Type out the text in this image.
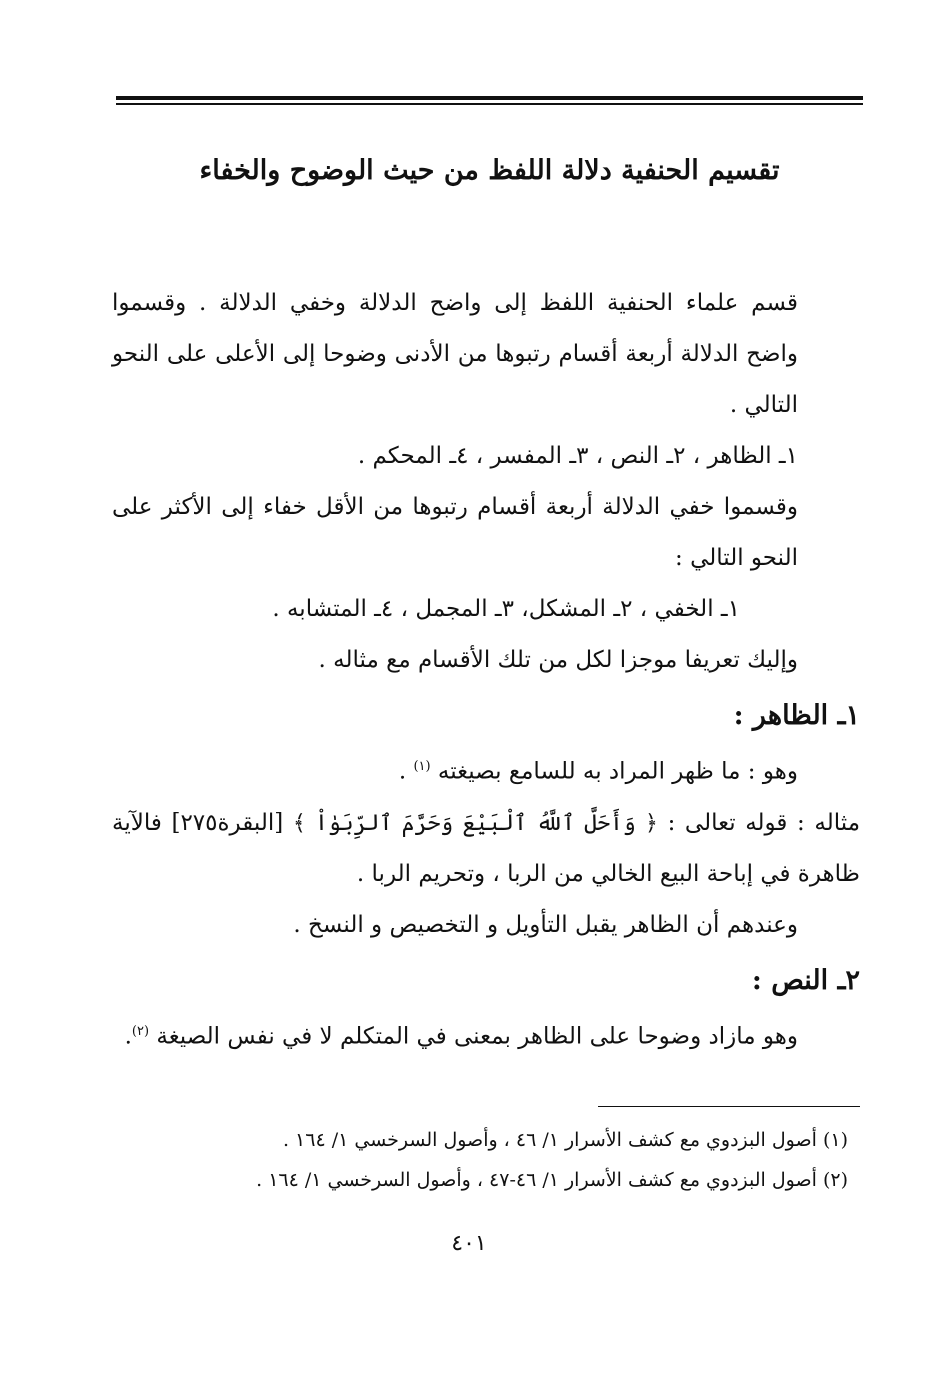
تقسيم الحنفية دلالة اللفظ من حيث الوضوح والخفاء

قسم علماء الحنفية اللفظ إلى واضح الدلالة وخفي الدلالة . وقسموا واضح الدلالة أربعة أقسام رتبوها من الأدنى وضوحا إلى الأعلى على النحو التالي .

١ـ الظاهر ، ٢ـ النص ، ٣ـ المفسر ، ٤ـ المحكم .

وقسموا خفي الدلالة أربعة أقسام رتبوها من الأقل خفاء إلى الأكثر على النحو التالي :

١ـ الخفي ، ٢ـ المشكل، ٣ـ المجمل ، ٤ـ المتشابه .

وإليك تعريفا موجزا لكل من تلك الأقسام مع مثاله .

١ـ الظاهر :

وهو : ما ظهر المراد به للسامع بصيغته $^{(١)}$ .

مثاله : قوله تعالى : ﴿ وَأَحَلَّ ٱللَّهُ ٱلْبَيْعَ وَحَرَّمَ ٱلرِّبَوٰاْ ﴾ [البقرة٢٧٥] فالآية ظاهرة في إباحة البيع الخالي من الربا ، وتحريم الربا .

وعندهم أن الظاهر يقبل التأويل و التخصيص و النسخ .

٢ـ النص :

وهو مازاد وضوحا على الظاهر بمعنى في المتكلم لا في نفس الصيغة $^{(٢)}$.

(١) أصول البزدوي مع كشف الأسرار ١/ ٤٦ ، وأصول السرخسي ١/ ١٦٤ .

(٢) أصول البزدوي مع كشف الأسرار ١/ ٤٦-٤٧ ، وأصول السرخسي ١/ ١٦٤ .

٤٠١
